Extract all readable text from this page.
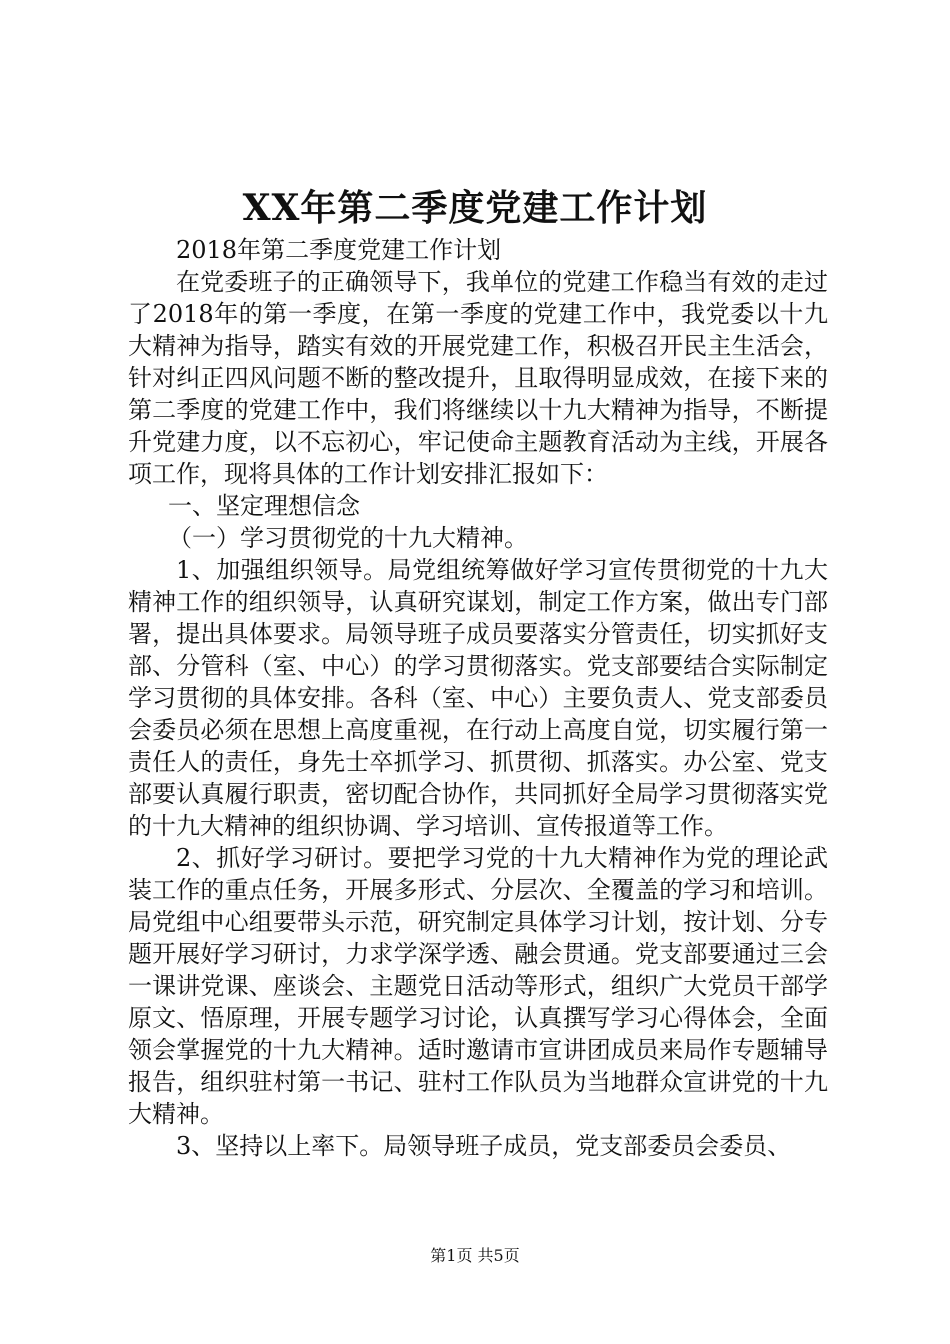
XX年第二季度党建工作计划

2018年第二季度党建工作计划

在党委班子的正确领导下，我单位的党建工作稳当有效的走过了2018年的第一季度，在第一季度的党建工作中，我党委以十九大精神为指导，踏实有效的开展党建工作，积极召开民主生活会，针对纠正四风问题不断的整改提升，且取得明显成效，在接下来的第二季度的党建工作中，我们将继续以十九大精神为指导，不断提升党建力度，以不忘初心，牢记使命主题教育活动为主线，开展各项工作，现将具体的工作计划安排汇报如下：

一、坚定理想信念

（一）学习贯彻党的十九大精神。

1、加强组织领导。局党组统筹做好学习宣传贯彻党的十九大精神工作的组织领导，认真研究谋划，制定工作方案，做出专门部署，提出具体要求。局领导班子成员要落实分管责任，切实抓好支部、分管科（室、中心）的学习贯彻落实。党支部要结合实际制定学习贯彻的具体安排。各科（室、中心）主要负责人、党支部委员会委员必须在思想上高度重视，在行动上高度自觉，切实履行第一责任人的责任，身先士卒抓学习、抓贯彻、抓落实。办公室、党支部要认真履行职责，密切配合协作，共同抓好全局学习贯彻落实党的十九大精神的组织协调、学习培训、宣传报道等工作。

2、抓好学习研讨。要把学习党的十九大精神作为党的理论武装工作的重点任务，开展多形式、分层次、全覆盖的学习和培训。局党组中心组要带头示范，研究制定具体学习计划，按计划、分专题开展好学习研讨，力求学深学透、融会贯通。党支部要通过三会一课讲党课、座谈会、主题党日活动等形式，组织广大党员干部学原文、悟原理，开展专题学习讨论，认真撰写学习心得体会，全面领会掌握党的十九大精神。适时邀请市宣讲团成员来局作专题辅导报告，组织驻村第一书记、驻村工作队员为当地群众宣讲党的十九大精神。

3、坚持以上率下。局领导班子成员，党支部委员会委员、

第1页 共5页
